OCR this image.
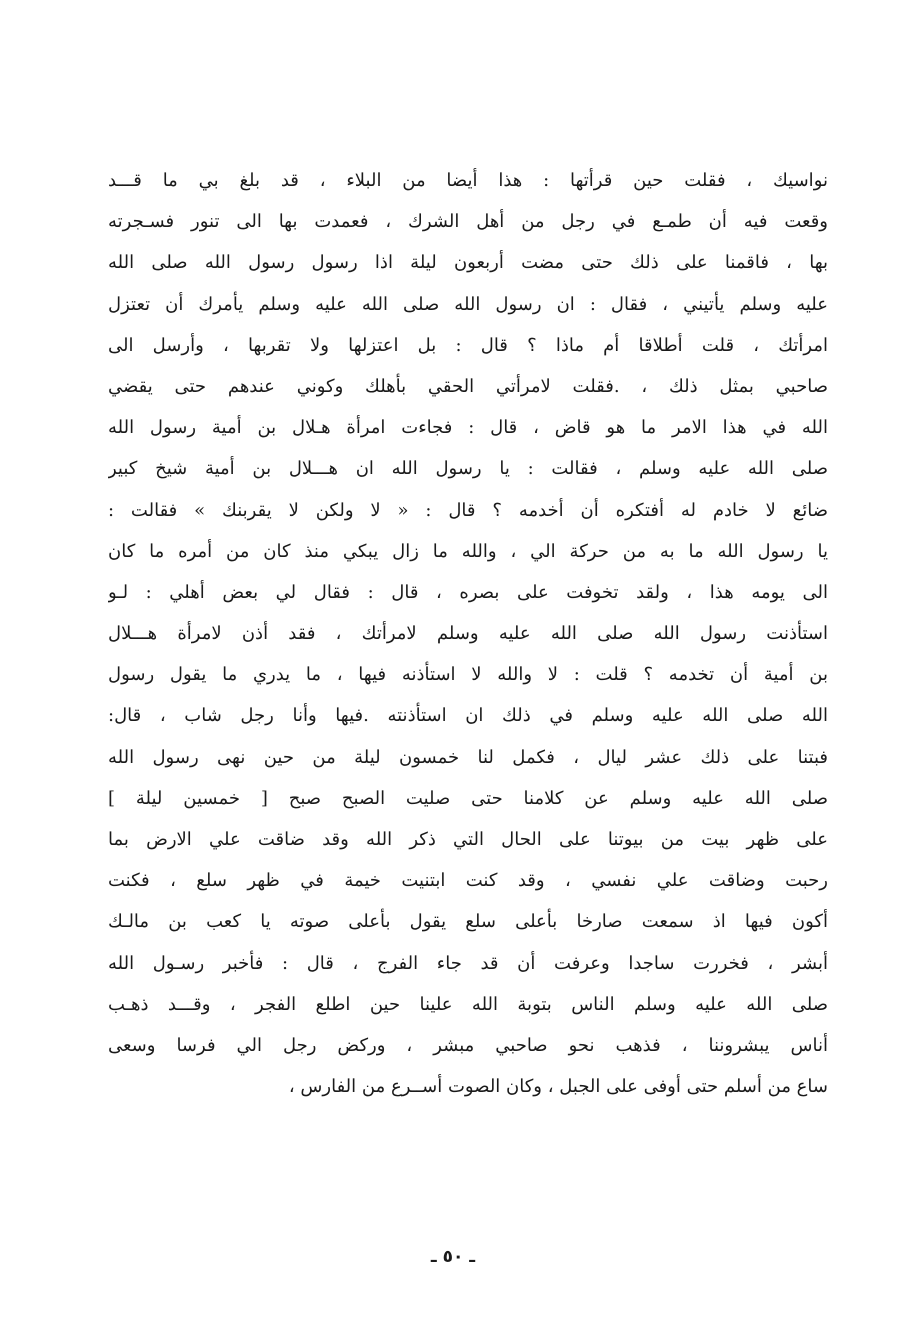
نواسيك ، فقلت حين قرأتها : هذا أيضا من البلاء ، قد بلغ بي ما قـــد
وقعت فيه أن طمـع في رجل من أهل الشرك ، فعمدت بها الى تنور فسـجرته
بها ، فاقمنا على ذلك حتى مضت أربعون ليلة اذا رسول رسول الله صلى الله
عليه وسلم يأتيني ، فقال : ان رسول الله صلى الله عليه وسلم يأمرك أن تعتزل
امرأتك ، قلت أطلاقا أم ماذا ؟ قال : بل اعتزلها ولا تقربها ، وأرسل الى
صاحبي بمثل ذلك ، .فقلت لامرأتي الحقي بأهلك وكوني عندهم حتى يقضي
الله في هذا الامر ما هو قاض ، قال : فجاءت امرأة هـلال بن أمية رسول الله
صلى الله عليه وسلم ، فقالت : يا رسول الله ان هـــلال بن أمية شيخ كبير
ضائع لا خادم له أفتكره أن أخدمه ؟ قال : « لا ولكن لا يقربنك » فقالت :
يا رسول الله ما به من حركة الي ، والله ما زال يبكي منذ كان من أمره ما كان
الى يومه هذا ، ولقد تخوفت على بصره ، قال : فقال لي بعض أهلي : لـو
استأذنت رسول الله صلى الله عليه وسلم لامرأتك ، فقد أذن لامرأة هـــلال
بن أمية أن تخدمه ؟ قلت : لا والله لا استأذنه فيها ، ما يدري ما يقول رسول
الله صلى الله عليه وسلم في ذلك ان استأذنته .فيها وأنا رجل شاب ، قال:
فبتنا على ذلك عشر ليال ، فكمل لنا خمسون ليلة من حين نهى رسول الله
صلى الله عليه وسلم عن كلامنا حتى صليت الصبح صبح [ خمسين ليلة ]
على ظهر بيت من بيوتنا على الحال التي ذكر الله وقد ضاقت علي الارض بما
رحبت وضاقت علي نفسي ، وقد كنت ابتنيت خيمة في ظهر سلع ، فكنت
أكون فيها اذ سمعت صارخا بأعلى سلع يقول بأعلى صوته يا كعب بن مالـك
أبشر ، فخررت ساجدا وعرفت أن قد جاء الفرج ، قال : فأخبر رسـول الله
صلى الله عليه وسلم الناس بتوبة الله علينا حين اطلع الفجر ، وقـــد ذهـب
أناس يبشروننا ، فذهب نحو صاحبي مبشر ، وركض رجل الي فرسا وسعى
ساع من أسلم حتى أوفى على الجبل ، وكان الصوت أســرع من الفارس ،
ـ ٥٠ ـ
